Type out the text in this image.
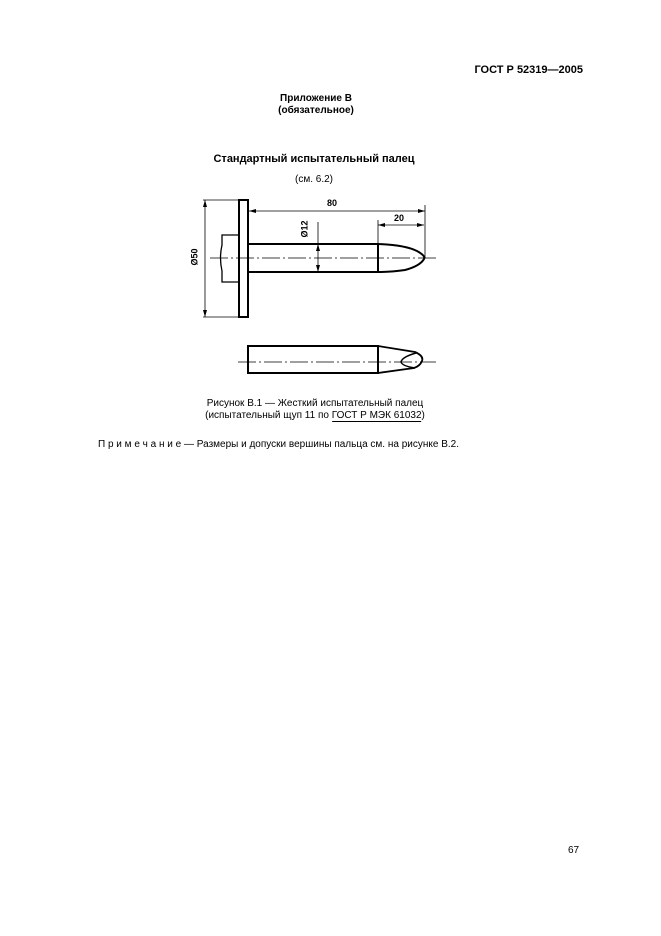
ГОСТ Р 52319—2005
Приложение В
(обязательное)
Стандартный испытательный палец
(см. 6.2)
80
20
Ø12
Ø50
Рисунок В.1 — Жесткий испытательный палец
(испытательный щуп 11 по ГОСТ Р МЭК 61032)
П р и м е ч а н и е — Размеры и допуски вершины пальца см. на рисунке В.2.
67
